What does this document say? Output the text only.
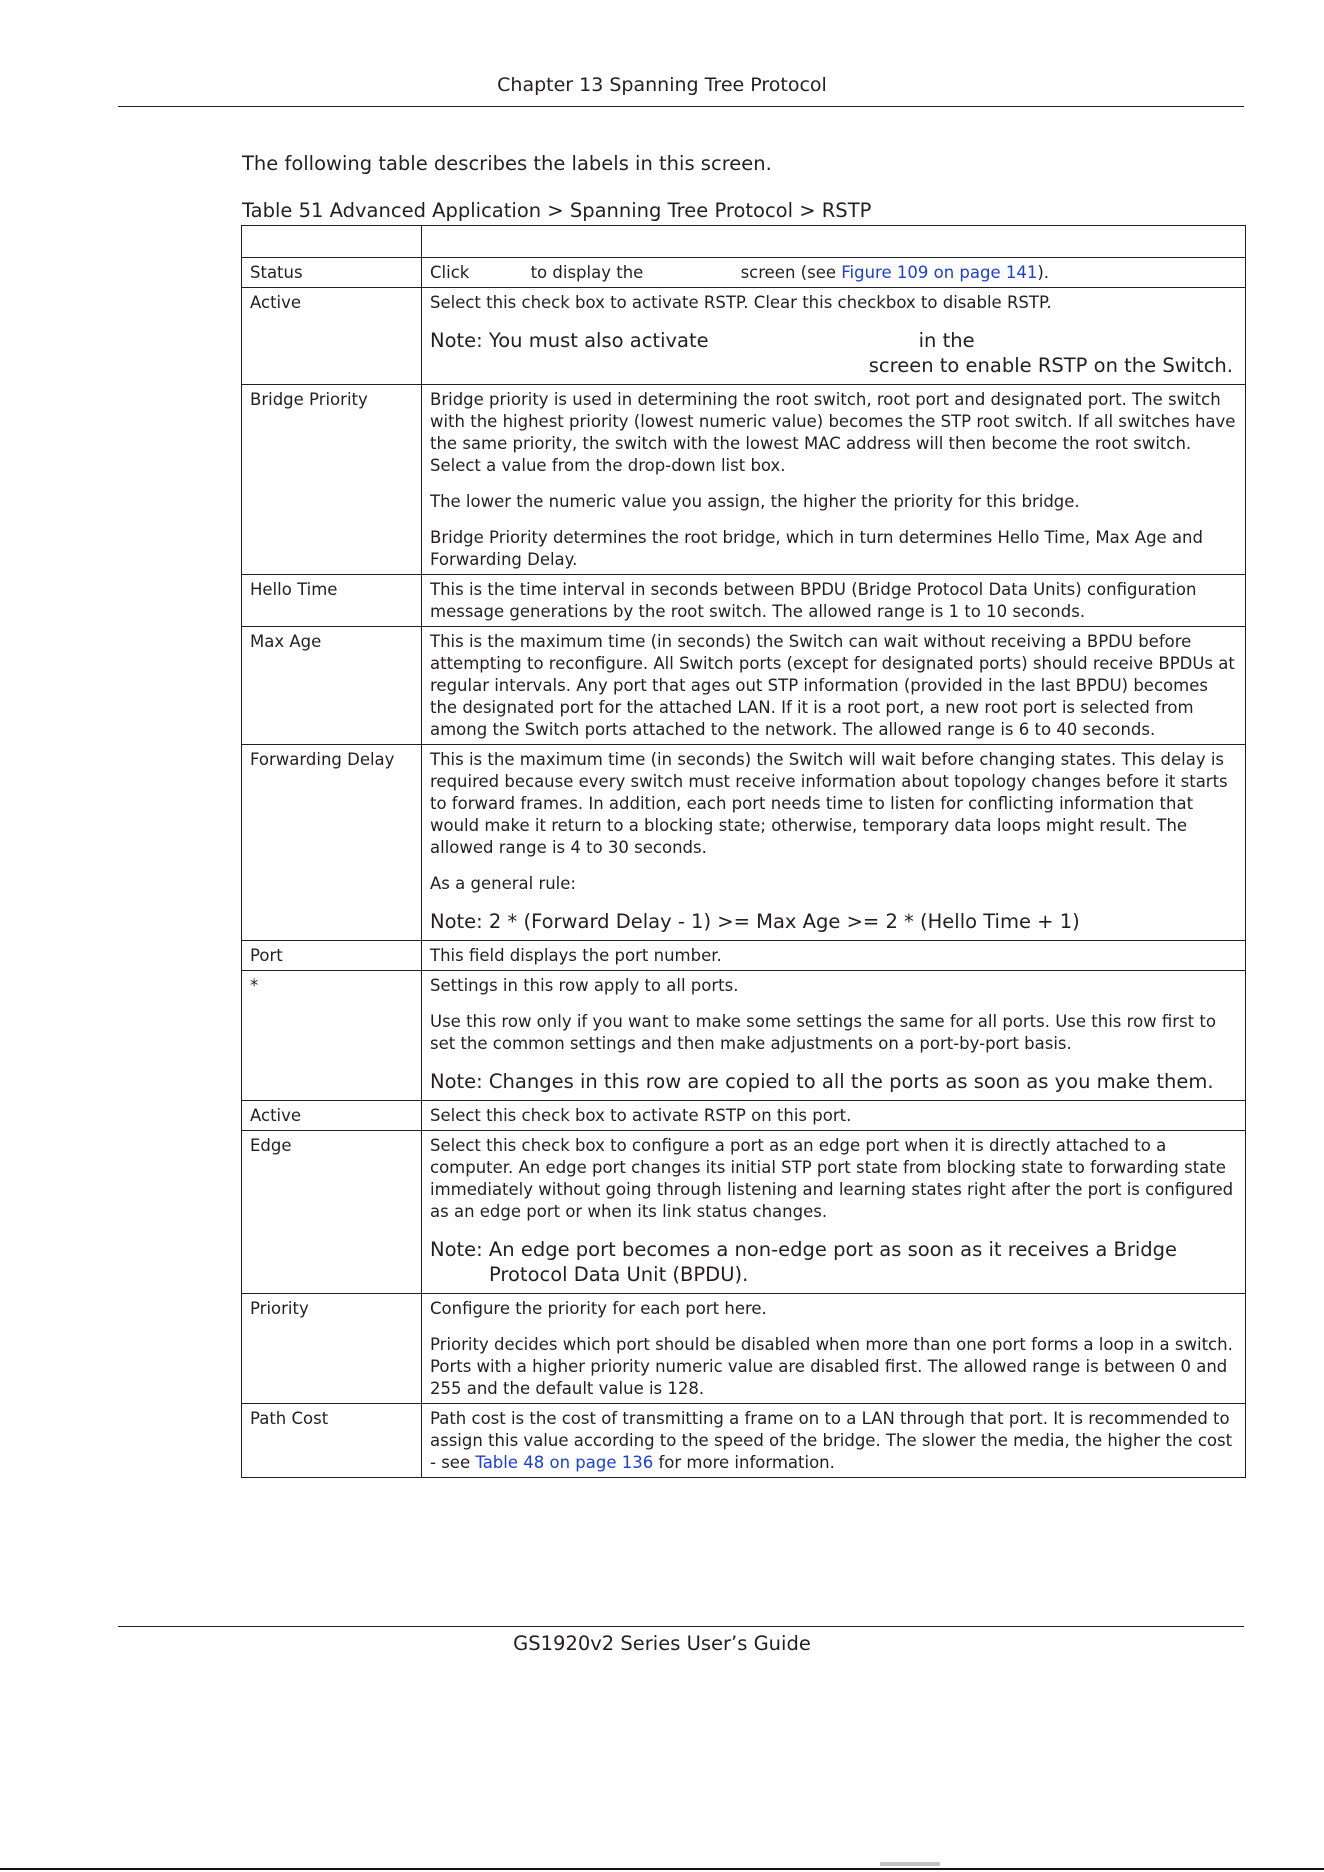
Chapter 13 Spanning Tree Protocol
The following table describes the labels in this screen.
Table 51 Advanced Application > Spanning Tree Protocol > RSTP

Status	Click to display the screen (see Figure 109 on page 141).
Active	Select this check box to activate RSTP. Clear this checkbox to disable RSTP.

Note: You must also activate in the
screen to enable RSTP on the Switch.

Bridge Priority	Bridge priority is used in determining the root switch, root port and designated port. The switch with the highest priority (lowest numeric value) becomes the STP root switch. If all switches have the same priority, the switch with the lowest MAC address will then become the root switch. Select a value from the drop-down list box.

The lower the numeric value you assign, the higher the priority for this bridge.

Bridge Priority determines the root bridge, which in turn determines Hello Time, Max Age and Forwarding Delay.

Hello Time	This is the time interval in seconds between BPDU (Bridge Protocol Data Units) configuration message generations by the root switch. The allowed range is 1 to 10 seconds.

Max Age	This is the maximum time (in seconds) the Switch can wait without receiving a BPDU before attempting to reconfigure. All Switch ports (except for designated ports) should receive BPDUs at regular intervals. Any port that ages out STP information (provided in the last BPDU) becomes the designated port for the attached LAN. If it is a root port, a new root port is selected from among the Switch ports attached to the network. The allowed range is 6 to 40 seconds.

Forwarding Delay	This is the maximum time (in seconds) the Switch will wait before changing states. This delay is required because every switch must receive information about topology changes before it starts to forward frames. In addition, each port needs time to listen for conflicting information that would make it return to a blocking state; otherwise, temporary data loops might result. The allowed range is 4 to 30 seconds.

As a general rule:

Note: 2 * (Forward Delay - 1) >= Max Age >= 2 * (Hello Time + 1)

Port	This field displays the port number.

*	Settings in this row apply to all ports.

Use this row only if you want to make some settings the same for all ports. Use this row first to set the common settings and then make adjustments on a port-by-port basis.

Note: Changes in this row are copied to all the ports as soon as you make them.

Active	Select this check box to activate RSTP on this port.

Edge	Select this check box to configure a port as an edge port when it is directly attached to a computer. An edge port changes its initial STP port state from blocking state to forwarding state immediately without going through listening and learning states right after the port is configured as an edge port or when its link status changes.

Note: An edge port becomes a non-edge port as soon as it receives a Bridge
Protocol Data Unit (BPDU).

Priority	Configure the priority for each port here.

Priority decides which port should be disabled when more than one port forms a loop in a switch. Ports with a higher priority numeric value are disabled first. The allowed range is between 0 and 255 and the default value is 128.

Path Cost	Path cost is the cost of transmitting a frame on to a LAN through that port. It is recommended to assign this value according to the speed of the bridge. The slower the media, the higher the cost - see Table 48 on page 136 for more information.
GS1920v2 Series User’s Guide
